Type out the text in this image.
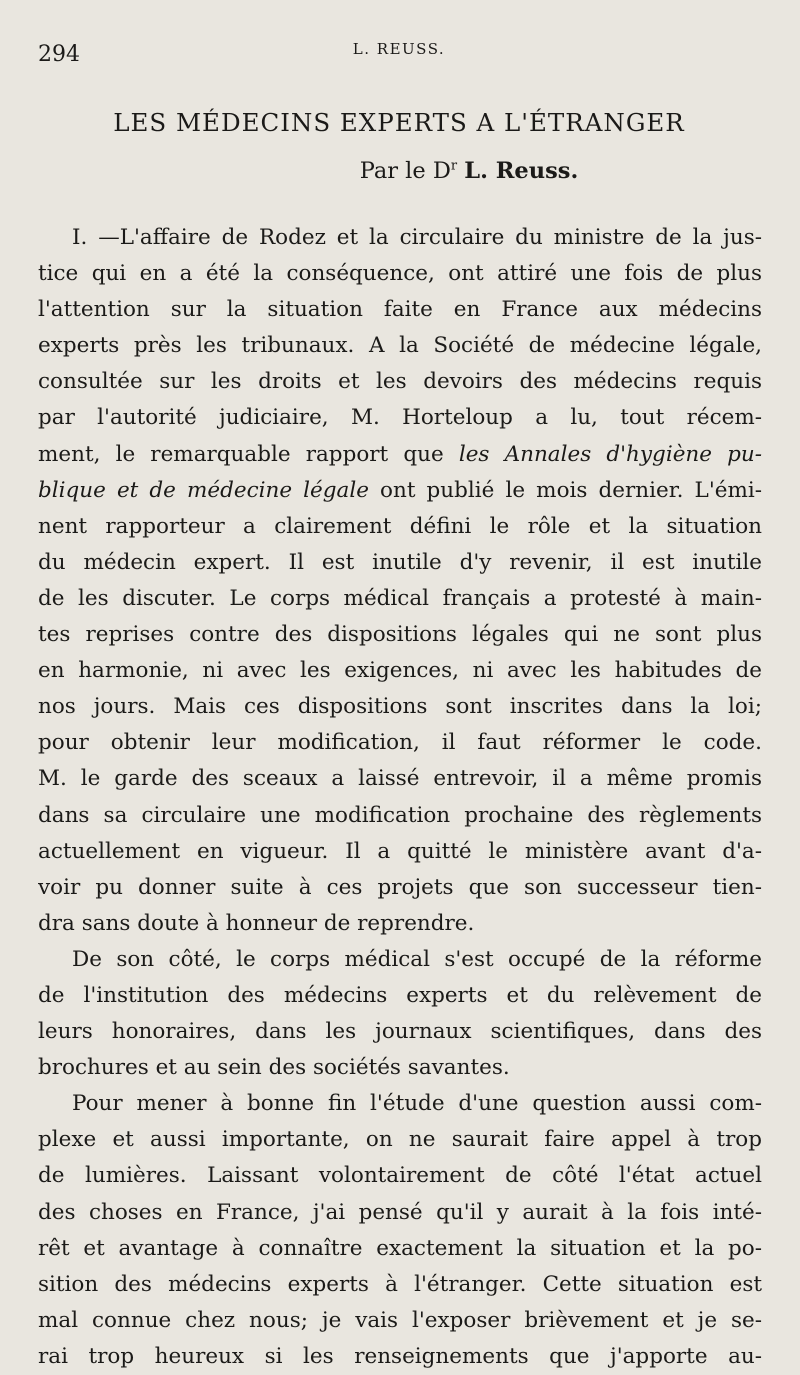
294	L. REUSS.
LES MÉDECINS EXPERTS A L'ÉTRANGER
Par le $D^r$ L. Reuss.
I. —L'affaire de Rodez et la circulaire du ministre de la jus-
tice qui en a été la conséquence, ont attiré une fois de plus
l'attention sur la situation faite en France aux médecins
experts près les tribunaux. A la Société de médecine légale,
consultée sur les droits et les devoirs des médecins requis
par l'autorité judiciaire, M. Horteloup a lu, tout récem-
ment, le remarquable rapport que les Annales d'hygiène pu-
blique et de médecine légale ont publié le mois dernier. L'émi-
nent rapporteur a clairement défini le rôle et la situation
du médecin expert. Il est inutile d'y revenir, il est inutile
de les discuter. Le corps médical français a protesté à main-
tes reprises contre des dispositions légales qui ne sont plus
en harmonie, ni avec les exigences, ni avec les habitudes de
nos jours. Mais ces dispositions sont inscrites dans la loi;
pour obtenir leur modification, il faut réformer le code.
M. le garde des sceaux a laissé entrevoir, il a même promis
dans sa circulaire une modification prochaine des règlements
actuellement en vigueur. Il a quitté le ministère avant d'a-
voir pu donner suite à ces projets que son successeur tien-
dra sans doute à honneur de reprendre.
De son côté, le corps médical s'est occupé de la réforme
de l'institution des médecins experts et du relèvement de
leurs honoraires, dans les journaux scientifiques, dans des
brochures et au sein des sociétés savantes.
Pour mener à bonne fin l'étude d'une question aussi com-
plexe et aussi importante, on ne saurait faire appel à trop
de lumières. Laissant volontairement de côté l'état actuel
des choses en France, j'ai pensé qu'il y aurait à la fois inté-
rêt et avantage à connaître exactement la situation et la po-
sition des médecins experts à l'étranger. Cette situation est
mal connue chez nous; je vais l'exposer brièvement et je se-
rai trop heureux si les renseignements que j'apporte au-
